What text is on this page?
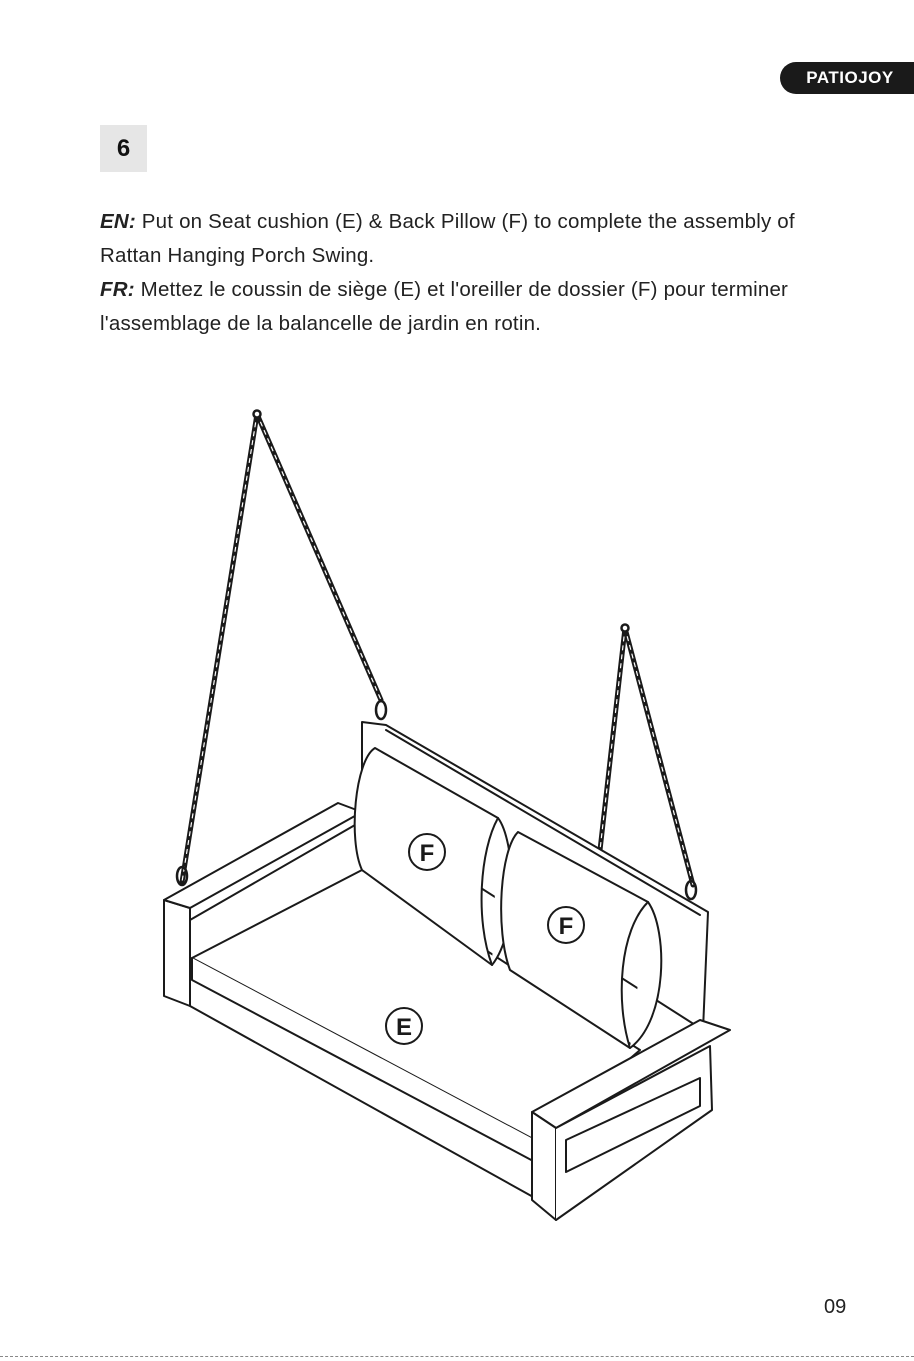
PATIOJOY
6

EN: Put on Seat cushion (E) & Back Pillow (F) to complete the assembly of Rattan Hanging Porch Swing.

FR: Mettez le coussin de siège (E) et l'oreiller de dossier (F) pour terminer l'assemblage de la balancelle de jardin en rotin.

F
F
E
09
